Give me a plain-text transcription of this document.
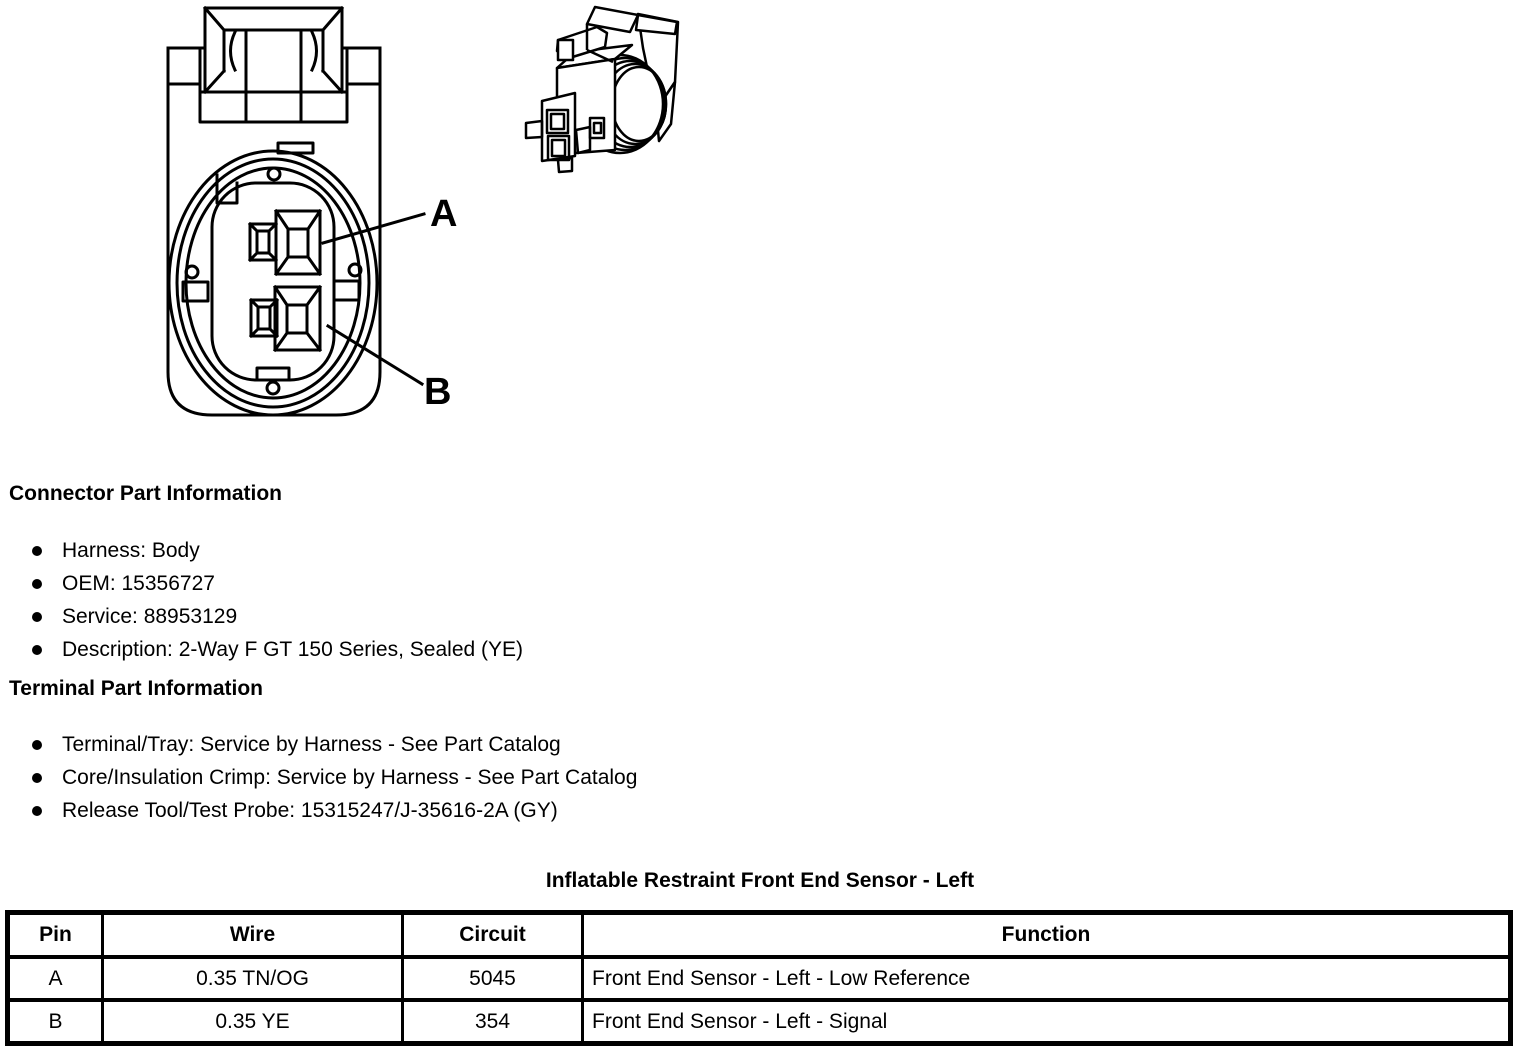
A
B
Connector Part Information
Harness: Body
OEM: 15356727
Service: 88953129
Description: 2-Way F GT 150 Series, Sealed (YE)
Terminal Part Information
Terminal/Tray: Service by Harness - See Part Catalog
Core/Insulation Crimp: Service by Harness - See Part Catalog
Release Tool/Test Probe: 15315247/J-35616-2A (GY)
Inflatable Restraint Front End Sensor - Left
Pin	Wire	Circuit	Function
A	0.35 TN/OG	5045	Front End Sensor - Left - Low Reference
B	0.35 YE	354	Front End Sensor - Left - Signal
